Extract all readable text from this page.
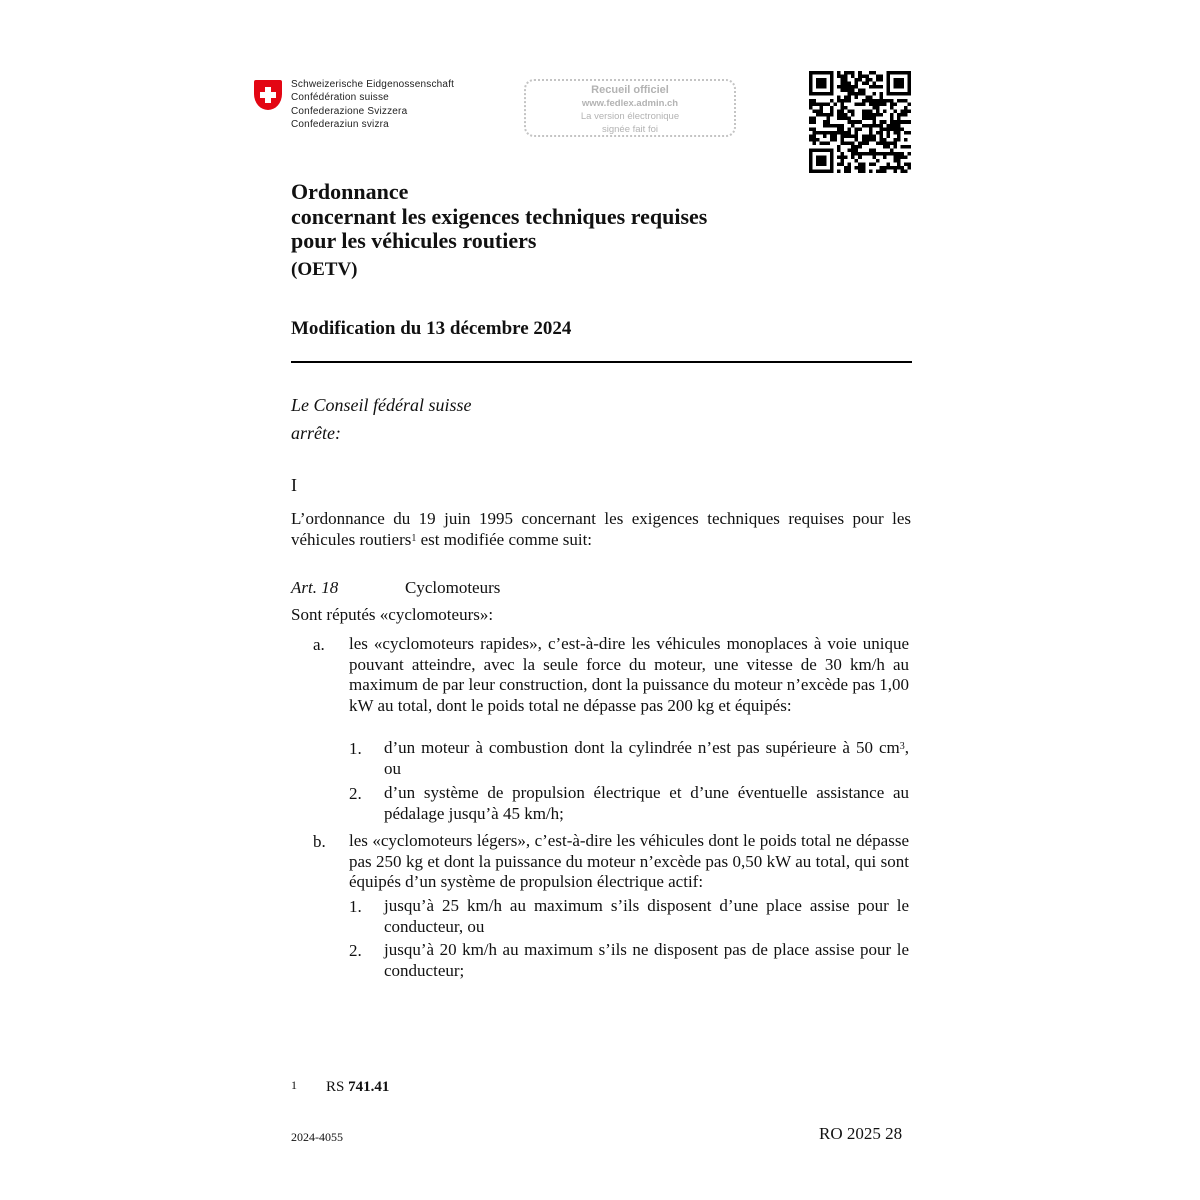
Schweizerische Eidgenossenschaft
Confédération suisse
Confederazione Svizzera
Confederaziun svizra
Recueil officiel
www.fedlex.admin.ch
La version électronique
signée fait foi
Ordonnance
concernant les exigences techniques requises
pour les véhicules routiers
(OETV)
Modification du 13 décembre 2024
Le Conseil fédéral suisse
arrête:
I
L’ordonnance du 19 juin 1995 concernant les exigences techniques requises pour les véhicules routiers$^1$ est modifiée comme suit:
Art. 18	Cyclomoteurs
Sont réputés «cyclomoteurs»:
a. les «cyclomoteurs rapides», c’est-à-dire les véhicules monoplaces à voie unique pouvant atteindre, avec la seule force du moteur, une vitesse de 30 km/h au maximum de par leur construction, dont la puissance du moteur n’excède pas 1,00 kW au total, dont le poids total ne dépasse pas 200 kg et équipés:
1. d’un moteur à combustion dont la cylindrée n’est pas supérieure à 50 $cm^3$, ou
2. d’un système de propulsion électrique et d’une éventuelle assistance au pédalage jusqu’à 45 km/h;
b. les «cyclomoteurs légers», c’est-à-dire les véhicules dont le poids total ne dépasse pas 250 kg et dont la puissance du moteur n’excède pas 0,50 kW au total, qui sont équipés d’un système de propulsion électrique actif:
1. jusqu’à 25 km/h au maximum s’ils disposent d’une place assise pour le conducteur, ou
2. jusqu’à 20 km/h au maximum s’ils ne disposent pas de place assise pour le conducteur;
1 RS 741.41
2024-4055	RO 2025 28
